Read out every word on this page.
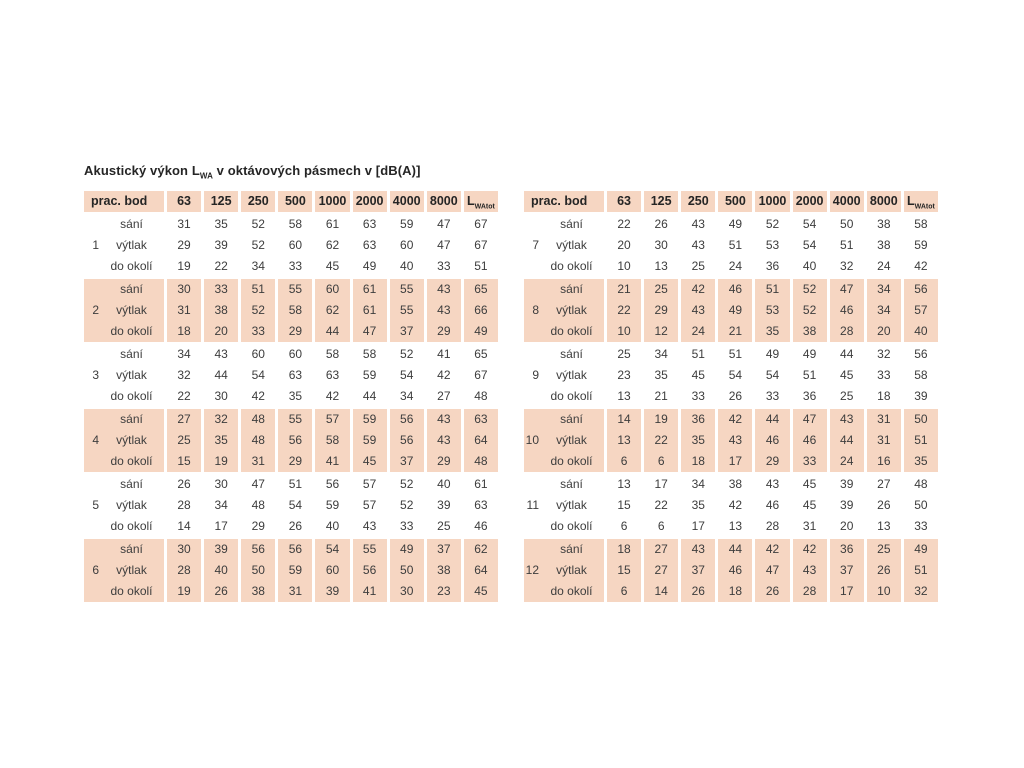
Akustický výkon $L_{WA}$ v oktávových pásmech v [dB(A)]
prac. bod	63	125	250	500	1000 2000 4000 8000 $L_{WAtot}$
sání	31	35	52	58	61	63	59	47	67
1	výtlak	29	39	52	60	62	63	60	47	67
do okolí	19	22	34	33	45	49	40	33	51
sání	30	33	51	55	60	61	55	43	65
2	výtlak	31	38	52	58	62	61	55	43	66
do okolí	18	20	33	29	44	47	37	29	49
sání	34	43	60	60	58	58	52	41	65
3	výtlak	32	44	54	63	63	59	54	42	67
do okolí	22	30	42	35	42	44	34	27	48
sání	27	32	48	55	57	59	56	43	63
4	výtlak	25	35	48	56	58	59	56	43	64
do okolí	15	19	31	29	41	45	37	29	48
sání	26	30	47	51	56	57	52	40	61
5	výtlak	28	34	48	54	59	57	52	39	63
do okolí	14	17	29	26	40	43	33	25	46
sání	30	39	56	56	54	55	49	37	62
6	výtlak	28	40	50	59	60	56	50	38	64
do okolí	19	26	38	31	39	41	30	23	45
prac. bod	63	125	250	500	1000 2000 4000 8000 $L_{WAtot}$
sání	22	26	43	49	52	54	50	38	58
7	výtlak	20	30	43	51	53	54	51	38	59
do okolí	10	13	25	24	36	40	32	24	42
sání	21	25	42	46	51	52	47	34	56
8	výtlak	22	29	43	49	53	52	46	34	57
do okolí	10	12	24	21	35	38	28	20	40
sání	25	34	51	51	49	49	44	32	56
9	výtlak	23	35	45	54	54	51	45	33	58
do okolí	13	21	33	26	33	36	25	18	39
sání	14	19	36	42	44	47	43	31	50
10	výtlak	13	22	35	43	46	46	44	31	51
do okolí	6	6	18	17	29	33	24	16	35
sání	13	17	34	38	43	45	39	27	48
11	výtlak	15	22	35	42	46	45	39	26	50
do okolí	6	6	17	13	28	31	20	13	33
sání	18	27	43	44	42	42	36	25	49
12	výtlak	15	27	37	46	47	43	37	26	51
do okolí	6	14	26	18	26	28	17	10	32
